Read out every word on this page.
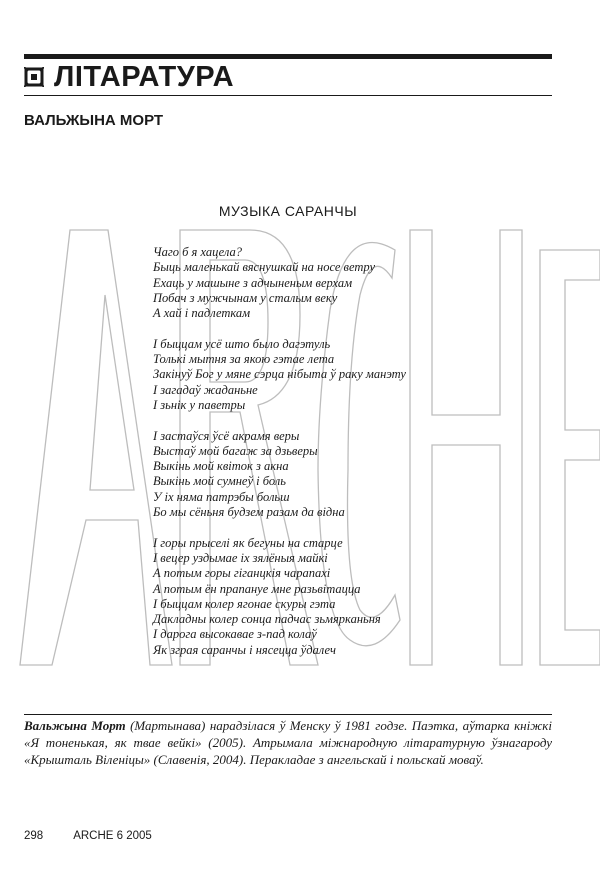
ЛІТАРАТУРА
ВАЛЬЖЫНА МОРТ
МУЗЫКА САРАНЧЫ
Чаго б я хацела?
Быць маленькай вяснушкай на носе ветру
Ехаць у машыне з адчыненым верхам
Побач з мужчынам у сталым веку
А хай і падлеткам
І быццам усё што было дагэтуль
Толькі мытня за якою гэтае лета
Закінуў Бог у мяне сэрца нібыта ў раку манэту
І загадаў жаданьне
І зьнік у паветры
І застаўся ўсё акрамя веры
Выстаў мой багаж за дзьверы
Выкінь мой квіток з акна
Выкінь мой сумнеў і боль
У іх няма патрэбы больш
Бо мы сёньня будзем разам да відна
І горы прыселі як бегуны на старце
І вецер уздымае іх зялёныя майкі
А потым горы гіганцкія чарапахі
А потым ён прапануе мне разьвітацца
І быццам колер ягонае скуры гэта
Дакладны колер сонца падчас зьмярканьня
І дарога высокавае з-пад колаў
Як зграя саранчы і нясецца ўдалеч
Вальжына Морт (Мартынава) нарадзілася ў Менску ў 1981 годзе. Паэтка, аўтарка кніжкі «Я тоненькая, як твае вейкі» (2005). Атрымала міжнародную літаратурную ўзнагароду «Крышталь Віленіцы» (Славенія, 2004). Перакладае з ангельскай і польскай моваў.
298	ARCHE 6 2005
